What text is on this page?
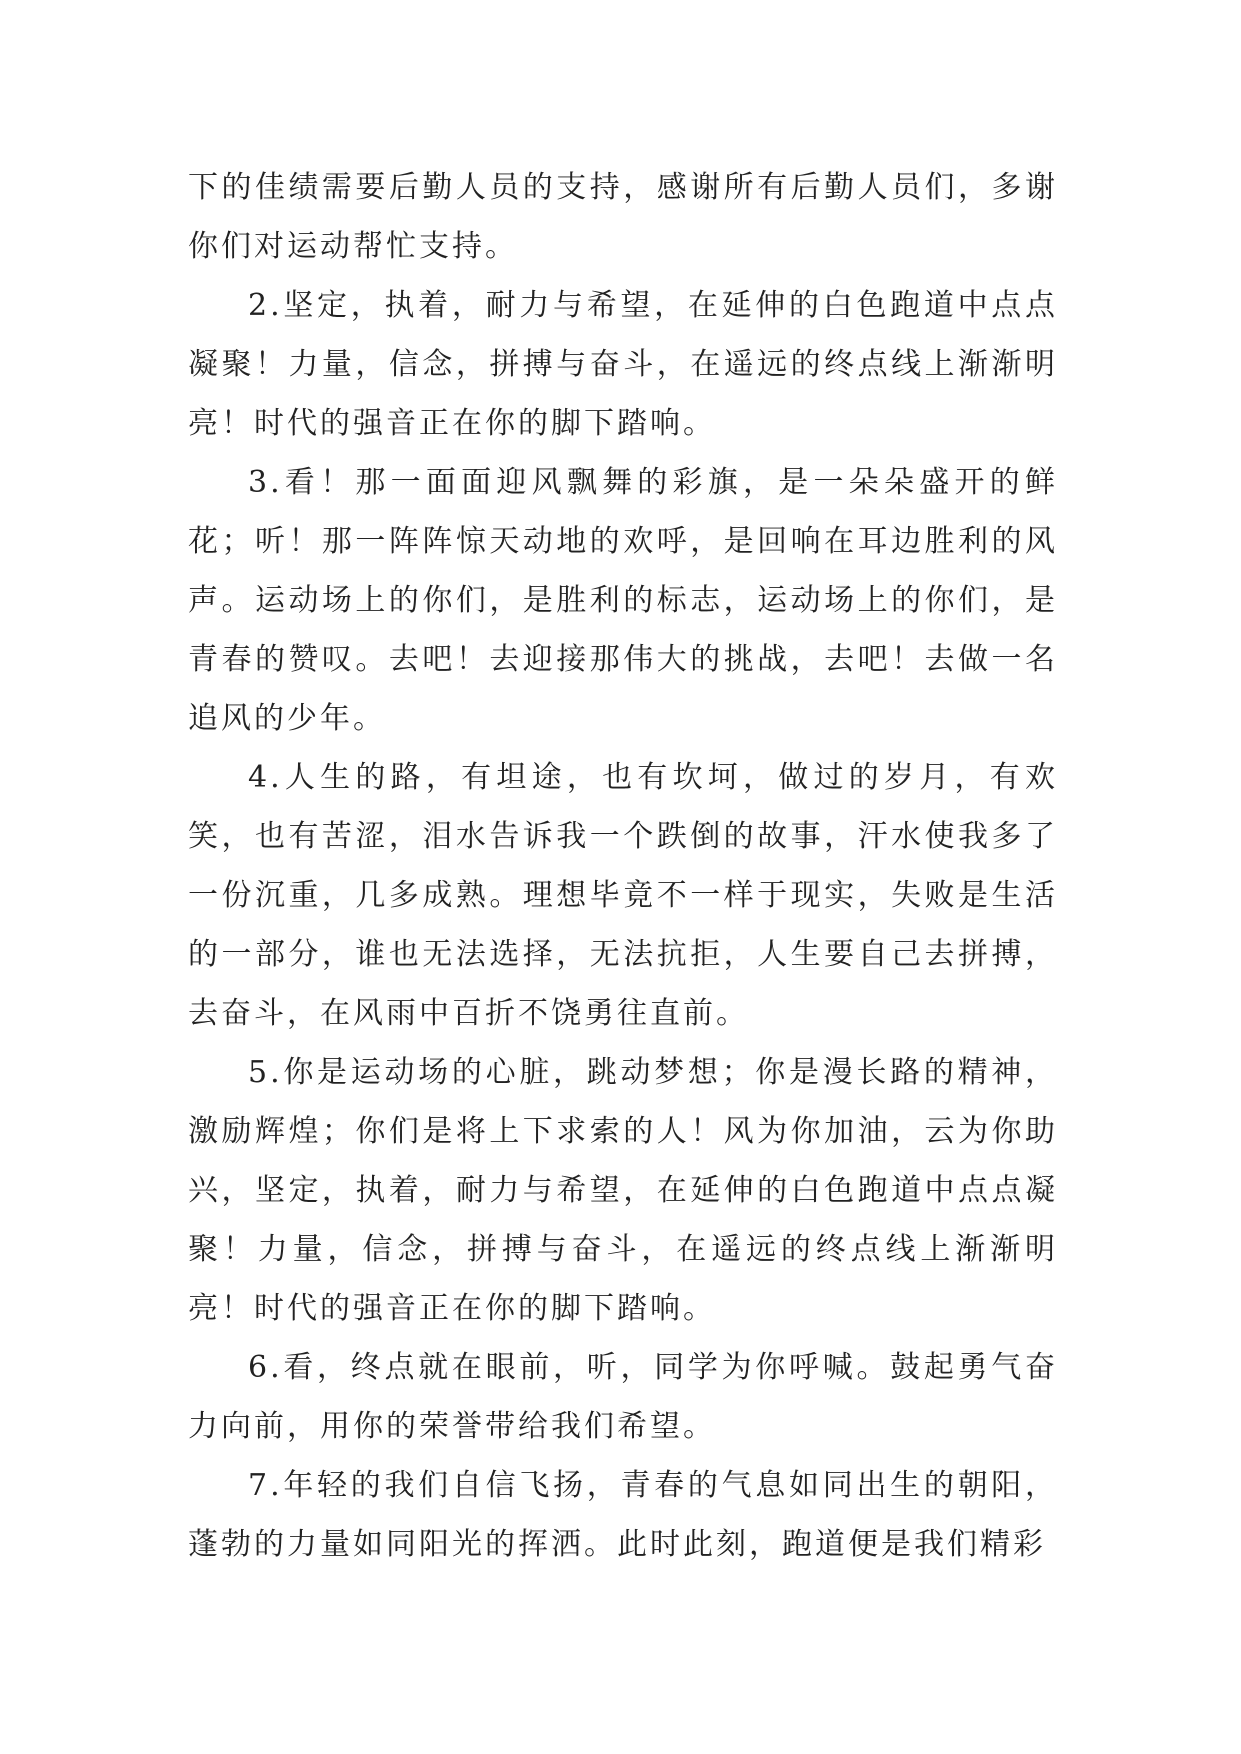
下的佳绩需要后勤人员的支持，感谢所有后勤人员们，多谢你们对运动帮忙支持。

2.坚定，执着，耐力与希望，在延伸的白色跑道中点点凝聚！力量，信念，拼搏与奋斗，在遥远的终点线上渐渐明亮！时代的强音正在你的脚下踏响。

3.看！那一面面迎风飘舞的彩旗，是一朵朵盛开的鲜花；听！那一阵阵惊天动地的欢呼，是回响在耳边胜利的风声。运动场上的你们，是胜利的标志，运动场上的你们，是青春的赞叹。去吧！去迎接那伟大的挑战，去吧！去做一名追风的少年。

4.人生的路，有坦途，也有坎坷，做过的岁月，有欢笑，也有苦涩，泪水告诉我一个跌倒的故事，汗水使我多了一份沉重，几多成熟。理想毕竟不一样于现实，失败是生活的一部分，谁也无法选择，无法抗拒，人生要自己去拼搏，去奋斗，在风雨中百折不饶勇往直前。

5.你是运动场的心脏，跳动梦想；你是漫长路的精神，激励辉煌；你们是将上下求索的人！风为你加油，云为你助兴，坚定，执着，耐力与希望，在延伸的白色跑道中点点凝聚！力量，信念，拼搏与奋斗，在遥远的终点线上渐渐明亮！时代的强音正在你的脚下踏响。

6.看，终点就在眼前，听，同学为你呼喊。鼓起勇气奋力向前，用你的荣誉带给我们希望。

7.年轻的我们自信飞扬，青春的气息如同出生的朝阳，蓬勃的力量如同阳光的挥洒。此时此刻，跑道便是我们精彩
